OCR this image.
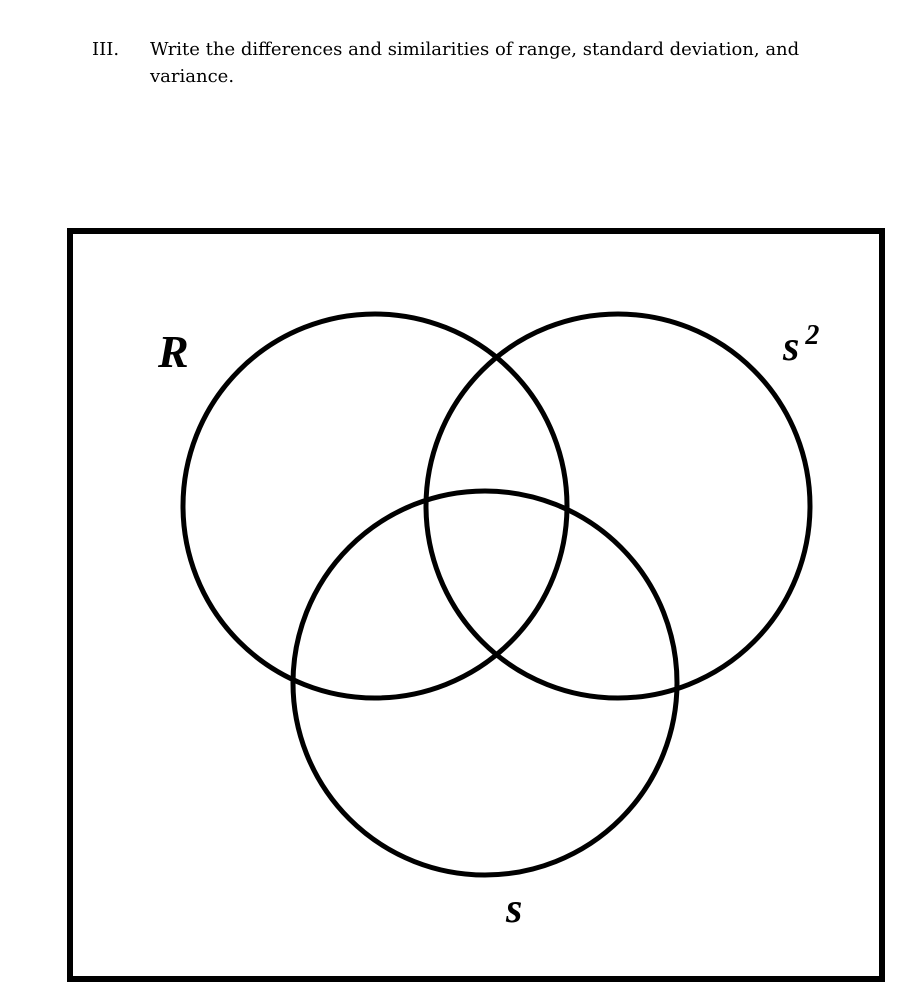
III. Write the differences and similarities of range, standard deviation, and variance.
R	s $^2$
s
